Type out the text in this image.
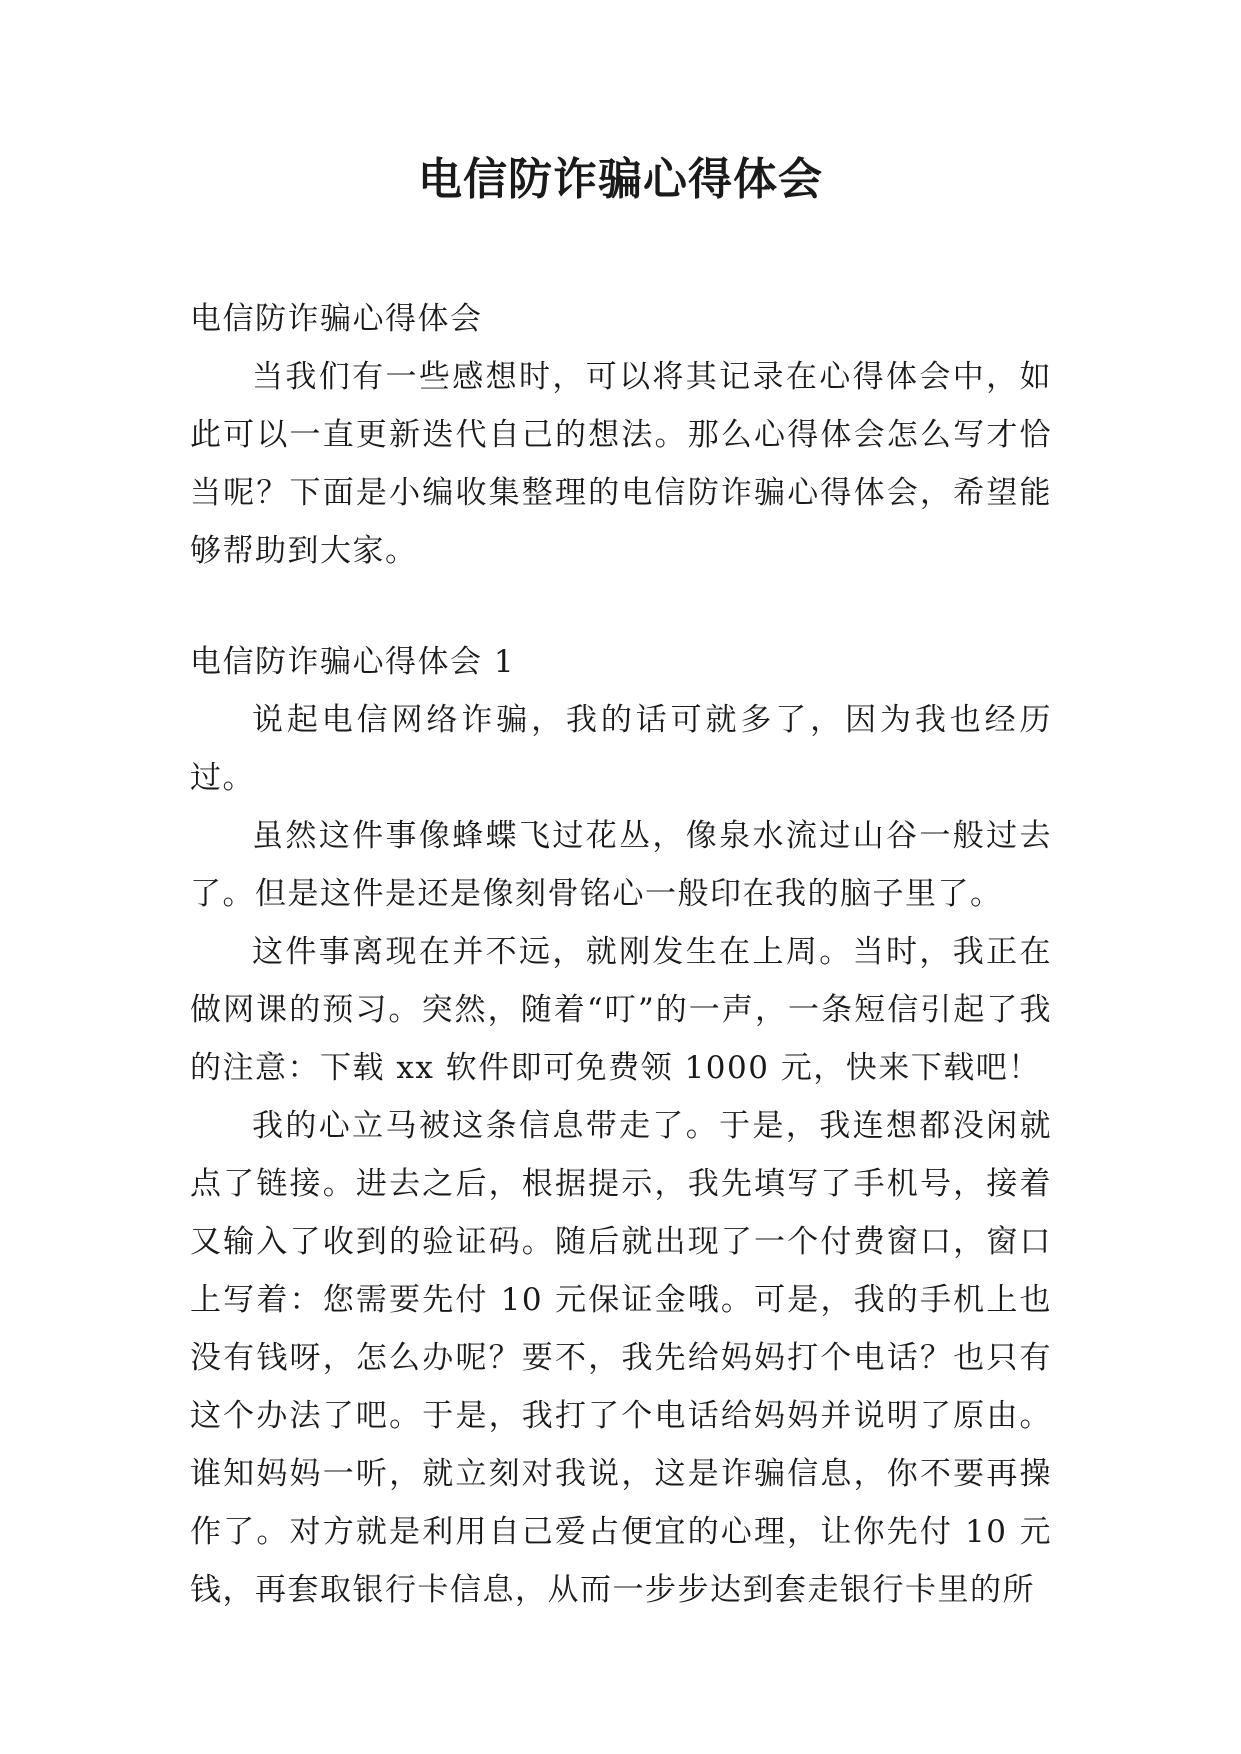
电信防诈骗心得体会
电信防诈骗心得体会

当我们有一些感想时，可以将其记录在心得体会中，如此可以一直更新迭代自己的想法。那么心得体会怎么写才恰当呢？下面是小编收集整理的电信防诈骗心得体会，希望能够帮助到大家。

电信防诈骗心得体会 1

说起电信网络诈骗，我的话可就多了，因为我也经历过。

虽然这件事像蜂蝶飞过花丛，像泉水流过山谷一般过去了。但是这件是还是像刻骨铭心一般印在我的脑子里了。

这件事离现在并不远，就刚发生在上周。当时，我正在做网课的预习。突然，随着“叮”的一声，一条短信引起了我的注意：下载 xx 软件即可免费领 1000 元，快来下载吧！

我的心立马被这条信息带走了。于是，我连想都没闲就点了链接。进去之后，根据提示，我先填写了手机号，接着又输入了收到的验证码。随后就出现了一个付费窗口，窗口上写着：您需要先付 10 元保证金哦。可是，我的手机上也没有钱呀，怎么办呢？要不，我先给妈妈打个电话？也只有这个办法了吧。于是，我打了个电话给妈妈并说明了原由。谁知妈妈一听，就立刻对我说，这是诈骗信息，你不要再操作了。对方就是利用自己爱占便宜的心理，让你先付 10 元钱，再套取银行卡信息，从而一步步达到套走银行卡里的所
